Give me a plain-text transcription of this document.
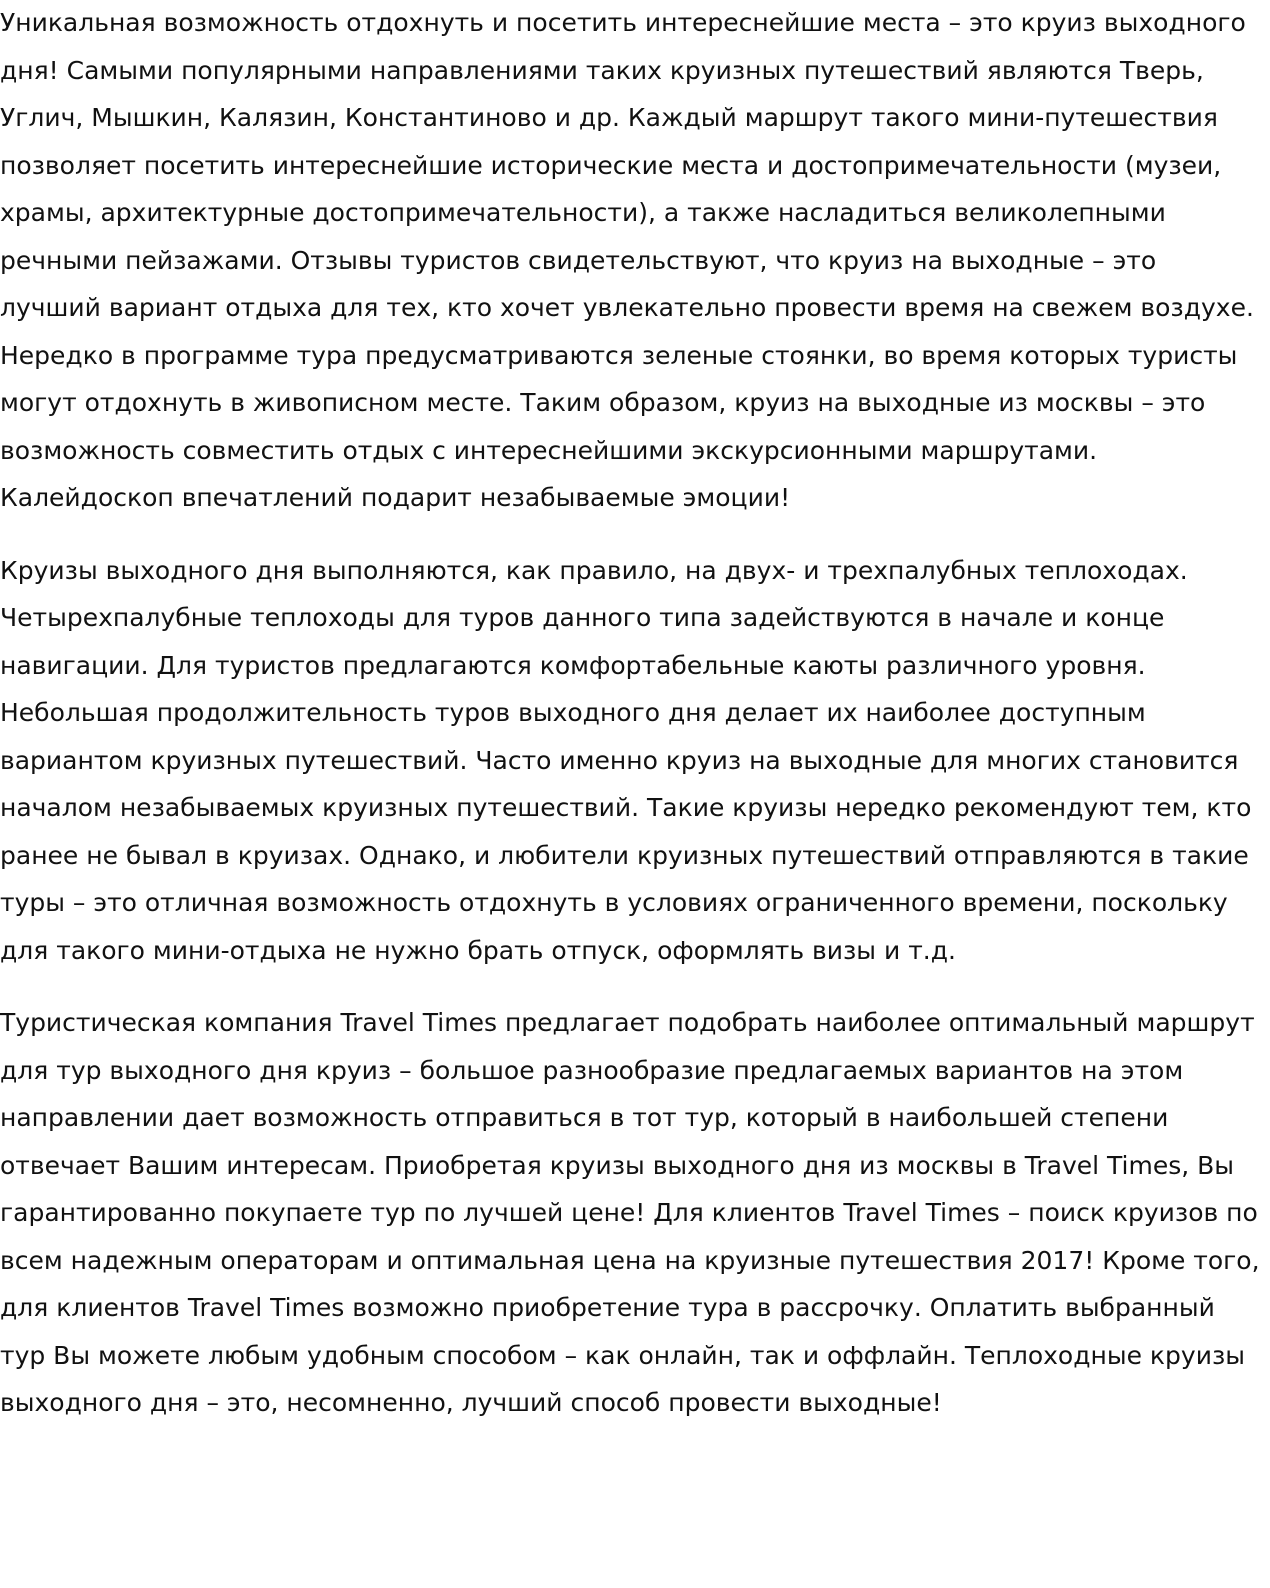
Уникальная возможность отдохнуть и посетить интереснейшие места – это круиз выходного дня! Самыми популярными направлениями таких круизных путешествий являются Тверь, Углич, Мышкин, Калязин, Константиново и др. Каждый маршрут такого мини-путешествия позволяет посетить интереснейшие исторические места и достопримечательности (музеи, храмы, архитектурные достопримечательности), а также насладиться великолепными речными пейзажами. Отзывы туристов свидетельствуют, что круиз на выходные – это лучший вариант отдыха для тех, кто хочет увлекательно провести время на свежем воздухе. Нередко в программе тура предусматриваются зеленые стоянки, во время которых туристы могут отдохнуть в живописном месте. Таким образом, круиз на выходные из москвы – это возможность совместить отдых с интереснейшими экскурсионными маршрутами. Калейдоскоп впечатлений подарит незабываемые эмоции!

Круизы выходного дня выполняются, как правило, на двух- и трехпалубных теплоходах. Четырехпалубные теплоходы для туров данного типа задействуются в начале и конце навигации. Для туристов предлагаются комфортабельные каюты различного уровня. Небольшая продолжительность туров выходного дня делает их наиболее доступным вариантом круизных путешествий. Часто именно круиз на выходные для многих становится началом незабываемых круизных путешествий. Такие круизы нередко рекомендуют тем, кто ранее не бывал в круизах. Однако, и любители круизных путешествий отправляются в такие туры – это отличная возможность отдохнуть в условиях ограниченного времени, поскольку для такого мини-отдыха не нужно брать отпуск, оформлять визы и т.д.

Туристическая компания Travel Times предлагает подобрать наиболее оптимальный маршрут для тур выходного дня круиз – большое разнообразие предлагаемых вариантов на этом направлении дает возможность отправиться в тот тур, который в наибольшей степени отвечает Вашим интересам. Приобретая круизы выходного дня из москвы в Travel Times, Вы гарантированно покупаете тур по лучшей цене! Для клиентов Travel Times – поиск круизов по всем надежным операторам и оптимальная цена на круизные путешествия 2017! Кроме того, для клиентов Travel Times возможно приобретение тура в рассрочку. Оплатить выбранный тур Вы можете любым удобным способом – как онлайн, так и оффлайн. Теплоходные круизы выходного дня – это, несомненно, лучший способ провести выходные!
